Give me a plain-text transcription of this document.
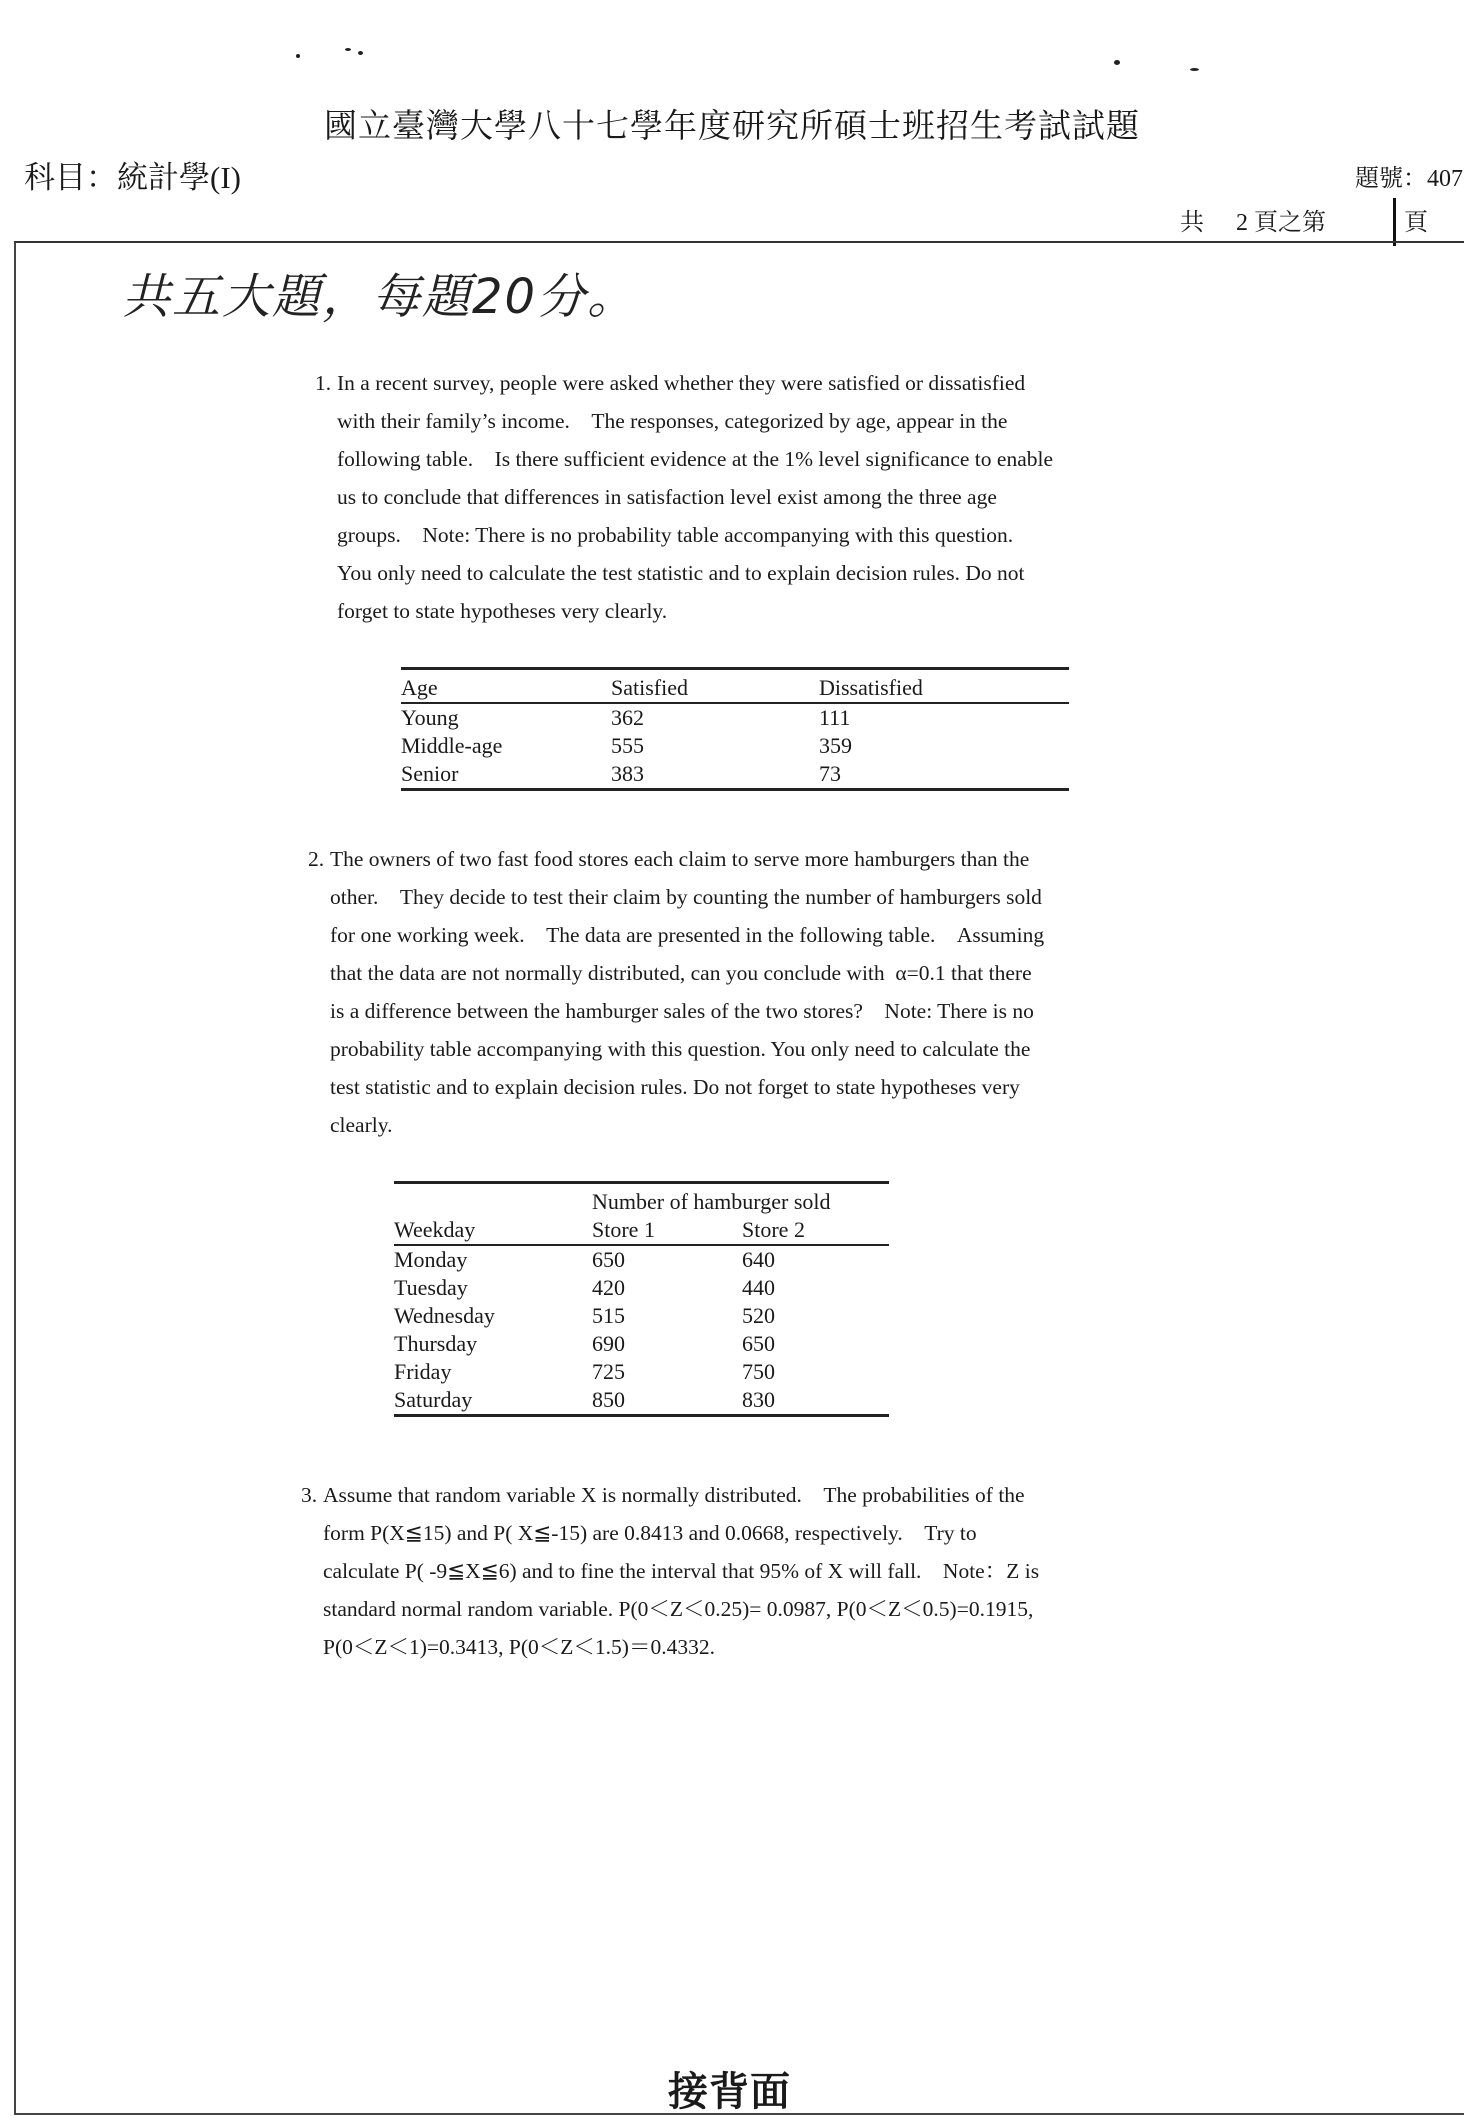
國立臺灣大學八十七學年度研究所碩士班招生考試試題
科目：統計學(I)	題號：407
共 2 頁之第	頁
共五大題，每題20分。
1. In a recent survey, people were asked whether they were satisfied or dissatisfied

with their family’s income. The responses, categorized by age, appear in the

following table. Is there sufficient evidence at the 1% level significance to enable

us to conclude that differences in satisfaction level exist among the three age

groups. Note: There is no probability table accompanying with this question.

You only need to calculate the test statistic and to explain decision rules. Do not

forget to state hypotheses very clearly.

Age	Satisfied	Dissatisfied
Young	362	111
Middle-age	555	359
Senior	383	73
2. The owners of two fast food stores each claim to serve more hamburgers than the

other. They decide to test their claim by counting the number of hamburgers sold

for one working week. The data are presented in the following table. Assuming

that the data are not normally distributed, can you conclude with α=0.1 that there

is a difference between the hamburger sales of the two stores? Note: There is no

probability table accompanying with this question. You only need to calculate the

test statistic and to explain decision rules. Do not forget to state hypotheses very

clearly.

	Number of hamburger sold	
Weekday	Store 1	Store 2
Monday	650	640
Tuesday	420	440
Wednesday	515	520
Thursday	690	650
Friday	725	750
Saturday	850	830
3. Assume that random variable X is normally distributed. The probabilities of the

form P(X≦15) and P( X≦-15) are 0.8413 and 0.0668, respectively. Try to

calculate P( -9≦X≦6) and to fine the interval that 95% of X will fall. Note：Z is

standard normal random variable. P(0＜Z＜0.25)= 0.0987, P(0＜Z＜0.5)=0.1915,

P(0＜Z＜1)=0.3413, P(0＜Z＜1.5)＝0.4332.

接背面
